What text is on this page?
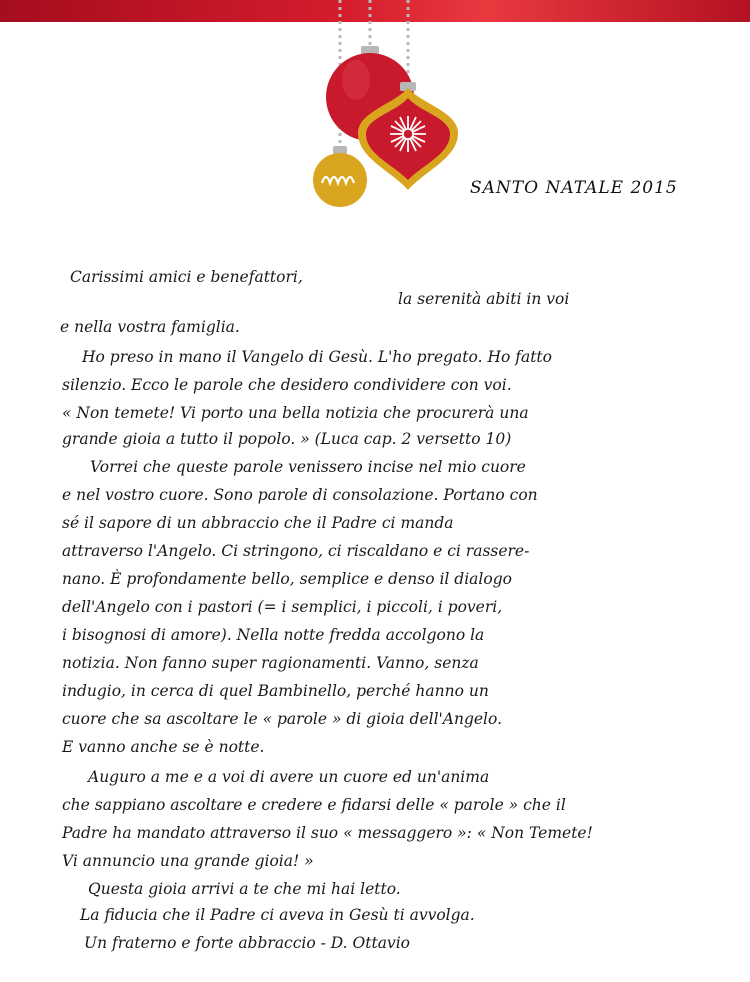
SANTO NATALE 2015
Carissimi amici e benefattori,
la serenità abiti in voi
e nella vostra famiglia.
Ho preso in mano il Vangelo di Gesù. L'ho pregato. Ho fatto
silenzio. Ecco le parole che desidero condividere con voi.
« Non temete! Vi porto una bella notizia che procurerà una
grande gioia a tutto il popolo. » (Luca cap. 2 versetto 10)
Vorrei che queste parole venissero incise nel mio cuore
e nel vostro cuore. Sono parole di consolazione. Portano con
sé il sapore di un abbraccio che il Padre ci manda
attraverso l'Angelo. Ci stringono, ci riscaldano e ci rassere-
nano. È profondamente bello, semplice e denso il dialogo
dell'Angelo con i pastori (= i semplici, i piccoli, i poveri,
i bisognosi di amore). Nella notte fredda accolgono la
notizia. Non fanno super ragionamenti. Vanno, senza
indugio, in cerca di quel Bambinello, perché hanno un
cuore che sa ascoltare le « parole » di gioia dell'Angelo.
E vanno anche se è notte.
Auguro a me e a voi di avere un cuore ed un'anima
che sappiano ascoltare e credere e fidarsi delle « parole » che il
Padre ha mandato attraverso il suo « messaggero »: « Non Temete!
Vi annuncio una grande gioia! »
Questa gioia arrivi a te che mi hai letto.
La fiducia che il Padre ci aveva in Gesù ti avvolga.
Un fraterno e forte abbraccio - D. Ottavio
